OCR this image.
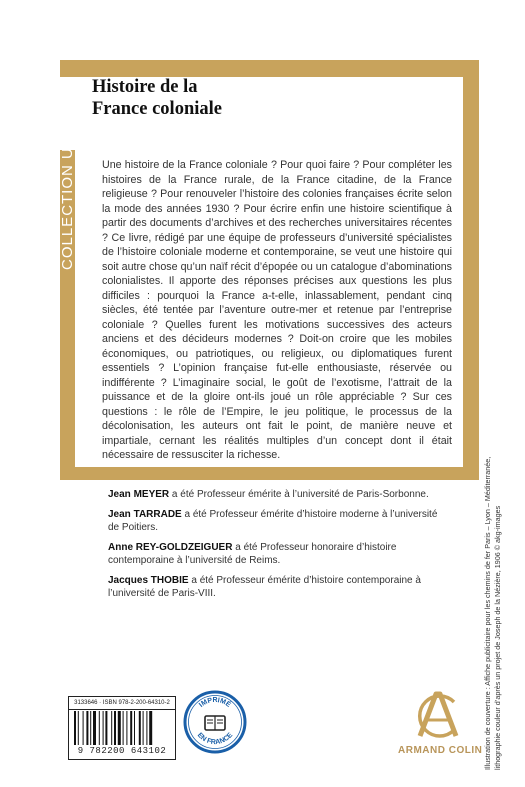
Histoire de la
France coloniale
COLLECTION U	Une histoire de la France coloniale ? Pour quoi faire ? Pour compléter les histoires de la France rurale, de la France citadine, de la France religieuse ? Pour renouveler l’histoire des colonies françaises écrite selon la mode des années 1930 ? Pour écrire enfin une histoire scientifique à partir des documents d’archives et des recherches universitaires récentes ? Ce livre, rédigé par une équipe de professeurs d’université spécialistes de l’histoire coloniale moderne et contemporaine, se veut une histoire qui soit autre chose qu’un naïf récit d’épopée ou un catalogue d’abominations colonialistes. Il apporte des réponses précises aux questions les plus difficiles : pourquoi la France a-t-elle, inlassablement, pendant cinq siècles, été tentée par l’aventure outre-mer et retenue par l’entreprise coloniale ? Quelles furent les motivations successives des acteurs anciens et des décideurs modernes ? Doit-on croire que les mobiles économiques, ou patriotiques, ou religieux, ou diplomatiques furent essentiels ? L’opinion française fut-elle enthousiaste, réservée ou indifférente ? L’imaginaire social, le goût de l’exotisme, l’attrait de la puissance et de la gloire ont-ils joué un rôle appréciable ? Sur ces questions : le rôle de l’Empire, le jeu politique, le processus de la décolonisation, les auteurs ont fait le point, de manière neuve et impartiale, cernant les réalités multiples d’un concept dont il était nécessaire de ressusciter la richesse.

Jean MEYER a été Professeur émérite à l’université de Paris-Sorbonne.

Jean TARRADE a été Professeur émérite d’histoire moderne à l’université de Poitiers.

Anne REY-GOLDZEIGUER a été Professeur honoraire d’histoire contemporaine à l’université de Reims.

Jacques THOBIE a été Professeur émérite d’histoire contemporaine à l’université de Paris-VIII.	Illustration de couverture : Affiche publicitaire pour les chemins de fer Paris – Lyon – Méditerranée, lithographie couleur d’après un projet de Joseph de la Nézière, 1906 © akg-images
3133646 · ISBN 978-2-200-64310-2
9 782200 643102
IMPRIMÉ
EN FRANCE
ARMAND COLIN
